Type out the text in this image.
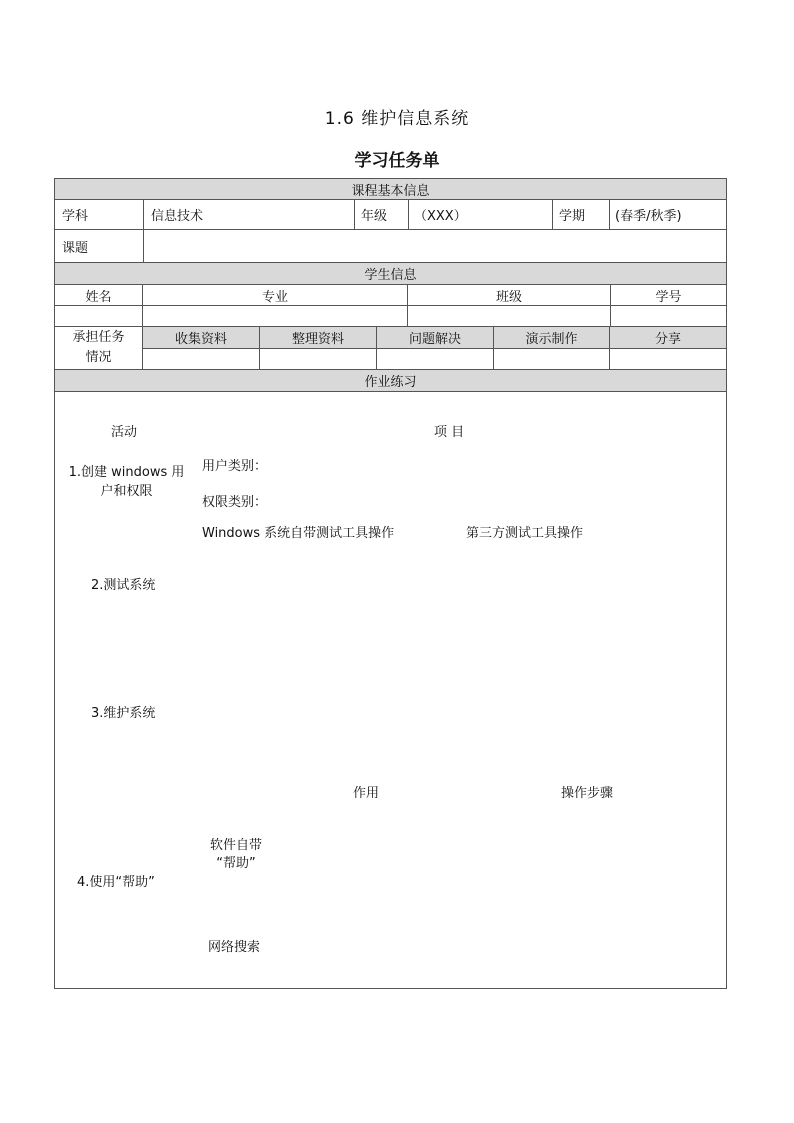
1.6 维护信息系统
学习任务单
课程基本信息
学科	信息技术	年级	（XXX）	学期	(春季/秋季)
课题
学生信息
姓名	专业	班级	学号
承担任务
情况
收集资料	整理资料	问题解决	演示制作	分享
作业练习
活动	项 目
1.创建 windows 用
户和权限
用户类别：
权限类别：
Windows 系统自带测试工具操作	第三方测试工具操作
2.测试系统
3.维护系统
作用	操作步骤
软件自带
“帮助”
4.使用“帮助”
网络搜索
